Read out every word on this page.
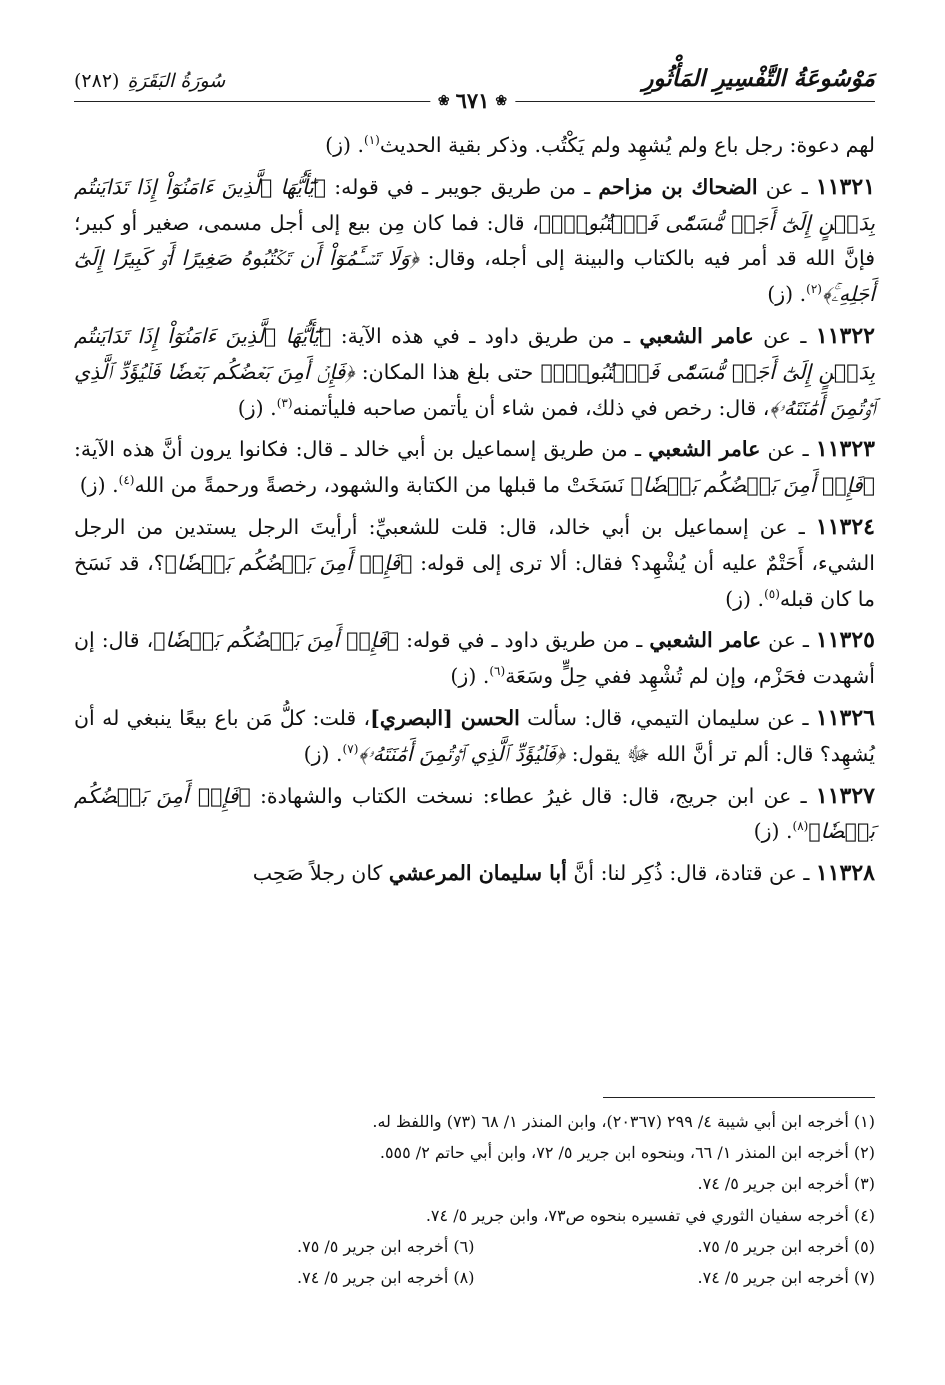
مَوْسُوعَةُ التَّفْسِيرِ المَأْثُورِ
سُورَةُ البَقَرَةِ(٢٨٢)
❀
٦٧١
❀

لهم دعوة: رجل باع ولم يُشهِد ولم يَكْتُب. وذكر بقية الحديث$^{(١)}$. (ز)

١١٣٢١ ـ عن الضحاك بن مزاحم ـ من طريق جويبر ـ في قوله: ﴿يَٰٓأَيُّهَا ٱلَّذِينَ ءَامَنُوٓاْ إِذَا تَدَايَنتُم بِدَيۡنٍ إِلَىٰٓ أَجَلٖ مُّسَمّٗى فَٱكۡتُبُوهُۚ﴾، قال: فما كان مِن بيع إلى أجل مسمى، صغير أو كبير؛ فإنَّ الله قد أمر فيه بالكتاب والبينة إلى أجله، وقال: ﴿وَلَا تَسۡـَٔمُوٓاْ أَن تَكۡتُبُوهُ صَغِيرًا أَوۡ كَبِيرًا إِلَىٰٓ أَجَلِهِۦۚ﴾$^{(٢)}$. (ز)

١١٣٢٢ ـ عن عامر الشعبي ـ من طريق داود ـ في هذه الآية: ﴿يَٰٓأَيُّهَا ٱلَّذِينَ ءَامَنُوٓاْ إِذَا تَدَايَنتُم بِدَيۡنٍ إِلَىٰٓ أَجَلٖ مُّسَمّٗى فَٱكۡتُبُوهُۚ﴾ حتى بلغ هذا المكان: ﴿فَإِنۡ أَمِنَ بَعۡضُكُم بَعۡضٗا فَلۡيُؤَدِّ ٱلَّذِي ٱؤۡتُمِنَ أَمَٰنَتَهُۥ﴾، قال: رخص في ذلك، فمن شاء أن يأتمن صاحبه فليأتمنه$^{(٣)}$. (ز)

١١٣٢٣ ـ عن عامر الشعبي ـ من طريق إسماعيل بن أبي خالد ـ قال: فكانوا يرون أنَّ هذه الآية: ﴿فَإِنۡ أَمِنَ بَعۡضُكُم بَعۡضٗا﴾ نَسَخَتْ ما قبلها من الكتابة والشهود، رخصةً ورحمةً من الله$^{(٤)}$. (ز)

١١٣٢٤ ـ عن إسماعيل بن أبي خالد، قال: قلت للشعبيِّ: أرأيتَ الرجل يستدين من الرجل الشيء، أَحَتْمٌ عليه أن يُشْهِد؟ فقال: ألا ترى إلى قوله: ﴿فَإِنۡ أَمِنَ بَعۡضُكُم بَعۡضٗا﴾؟، قد نَسَخ ما كان قبله$^{(٥)}$. (ز)

١١٣٢٥ ـ عن عامر الشعبي ـ من طريق داود ـ في قوله: ﴿فَإِنۡ أَمِنَ بَعۡضُكُم بَعۡضٗا﴾، قال: إن أشهدت فحَزْم، وإن لم تُشْهِد ففي حِلٍّ وسَعَة$^{(٦)}$. (ز)

١١٣٢٦ ـ عن سليمان التيمي، قال: سألت الحسن [البصري]، قلت: كلُّ مَن باع بيعًا ينبغي له أن يُشهِد؟ قال: ألم تر أنَّ الله ﷻ يقول: ﴿فَلۡيُؤَدِّ ٱلَّذِي ٱؤۡتُمِنَ أَمَٰنَتَهُۥ﴾$^{(٧)}$. (ز)

١١٣٢٧ ـ عن ابن جريج، قال: قال غيرُ عطاء: نسخت الكتاب والشهادة: ﴿فَإِنۡ أَمِنَ بَعۡضُكُم بَعۡضٗا﴾$^{(٨)}$. (ز)

١١٣٢٨ ـ عن قتادة، قال: ذُكِر لنا: أنَّ أبا سليمان المرعشي كان رجلاً صَحِب

(١) أخرجه ابن أبي شيبة ٤/ ٢٩٩ (٢٠٣٦٧)، وابن المنذر ١/ ٦٨ (٧٣) واللفظ له.
(٢) أخرجه ابن المنذر ١/ ٦٦، وبنحوه ابن جرير ٥/ ٧٢، وابن أبي حاتم ٢/ ٥٥٥.
(٣) أخرجه ابن جرير ٥/ ٧٤.
(٤) أخرجه سفيان الثوري في تفسيره بنحوه ص٧٣، وابن جرير ٥/ ٧٤.
(٥) أخرجه ابن جرير ٥/ ٧٥.
(٦) أخرجه ابن جرير ٥/ ٧٥.
(٧) أخرجه ابن جرير ٥/ ٧٤.
(٨) أخرجه ابن جرير ٥/ ٧٤.
